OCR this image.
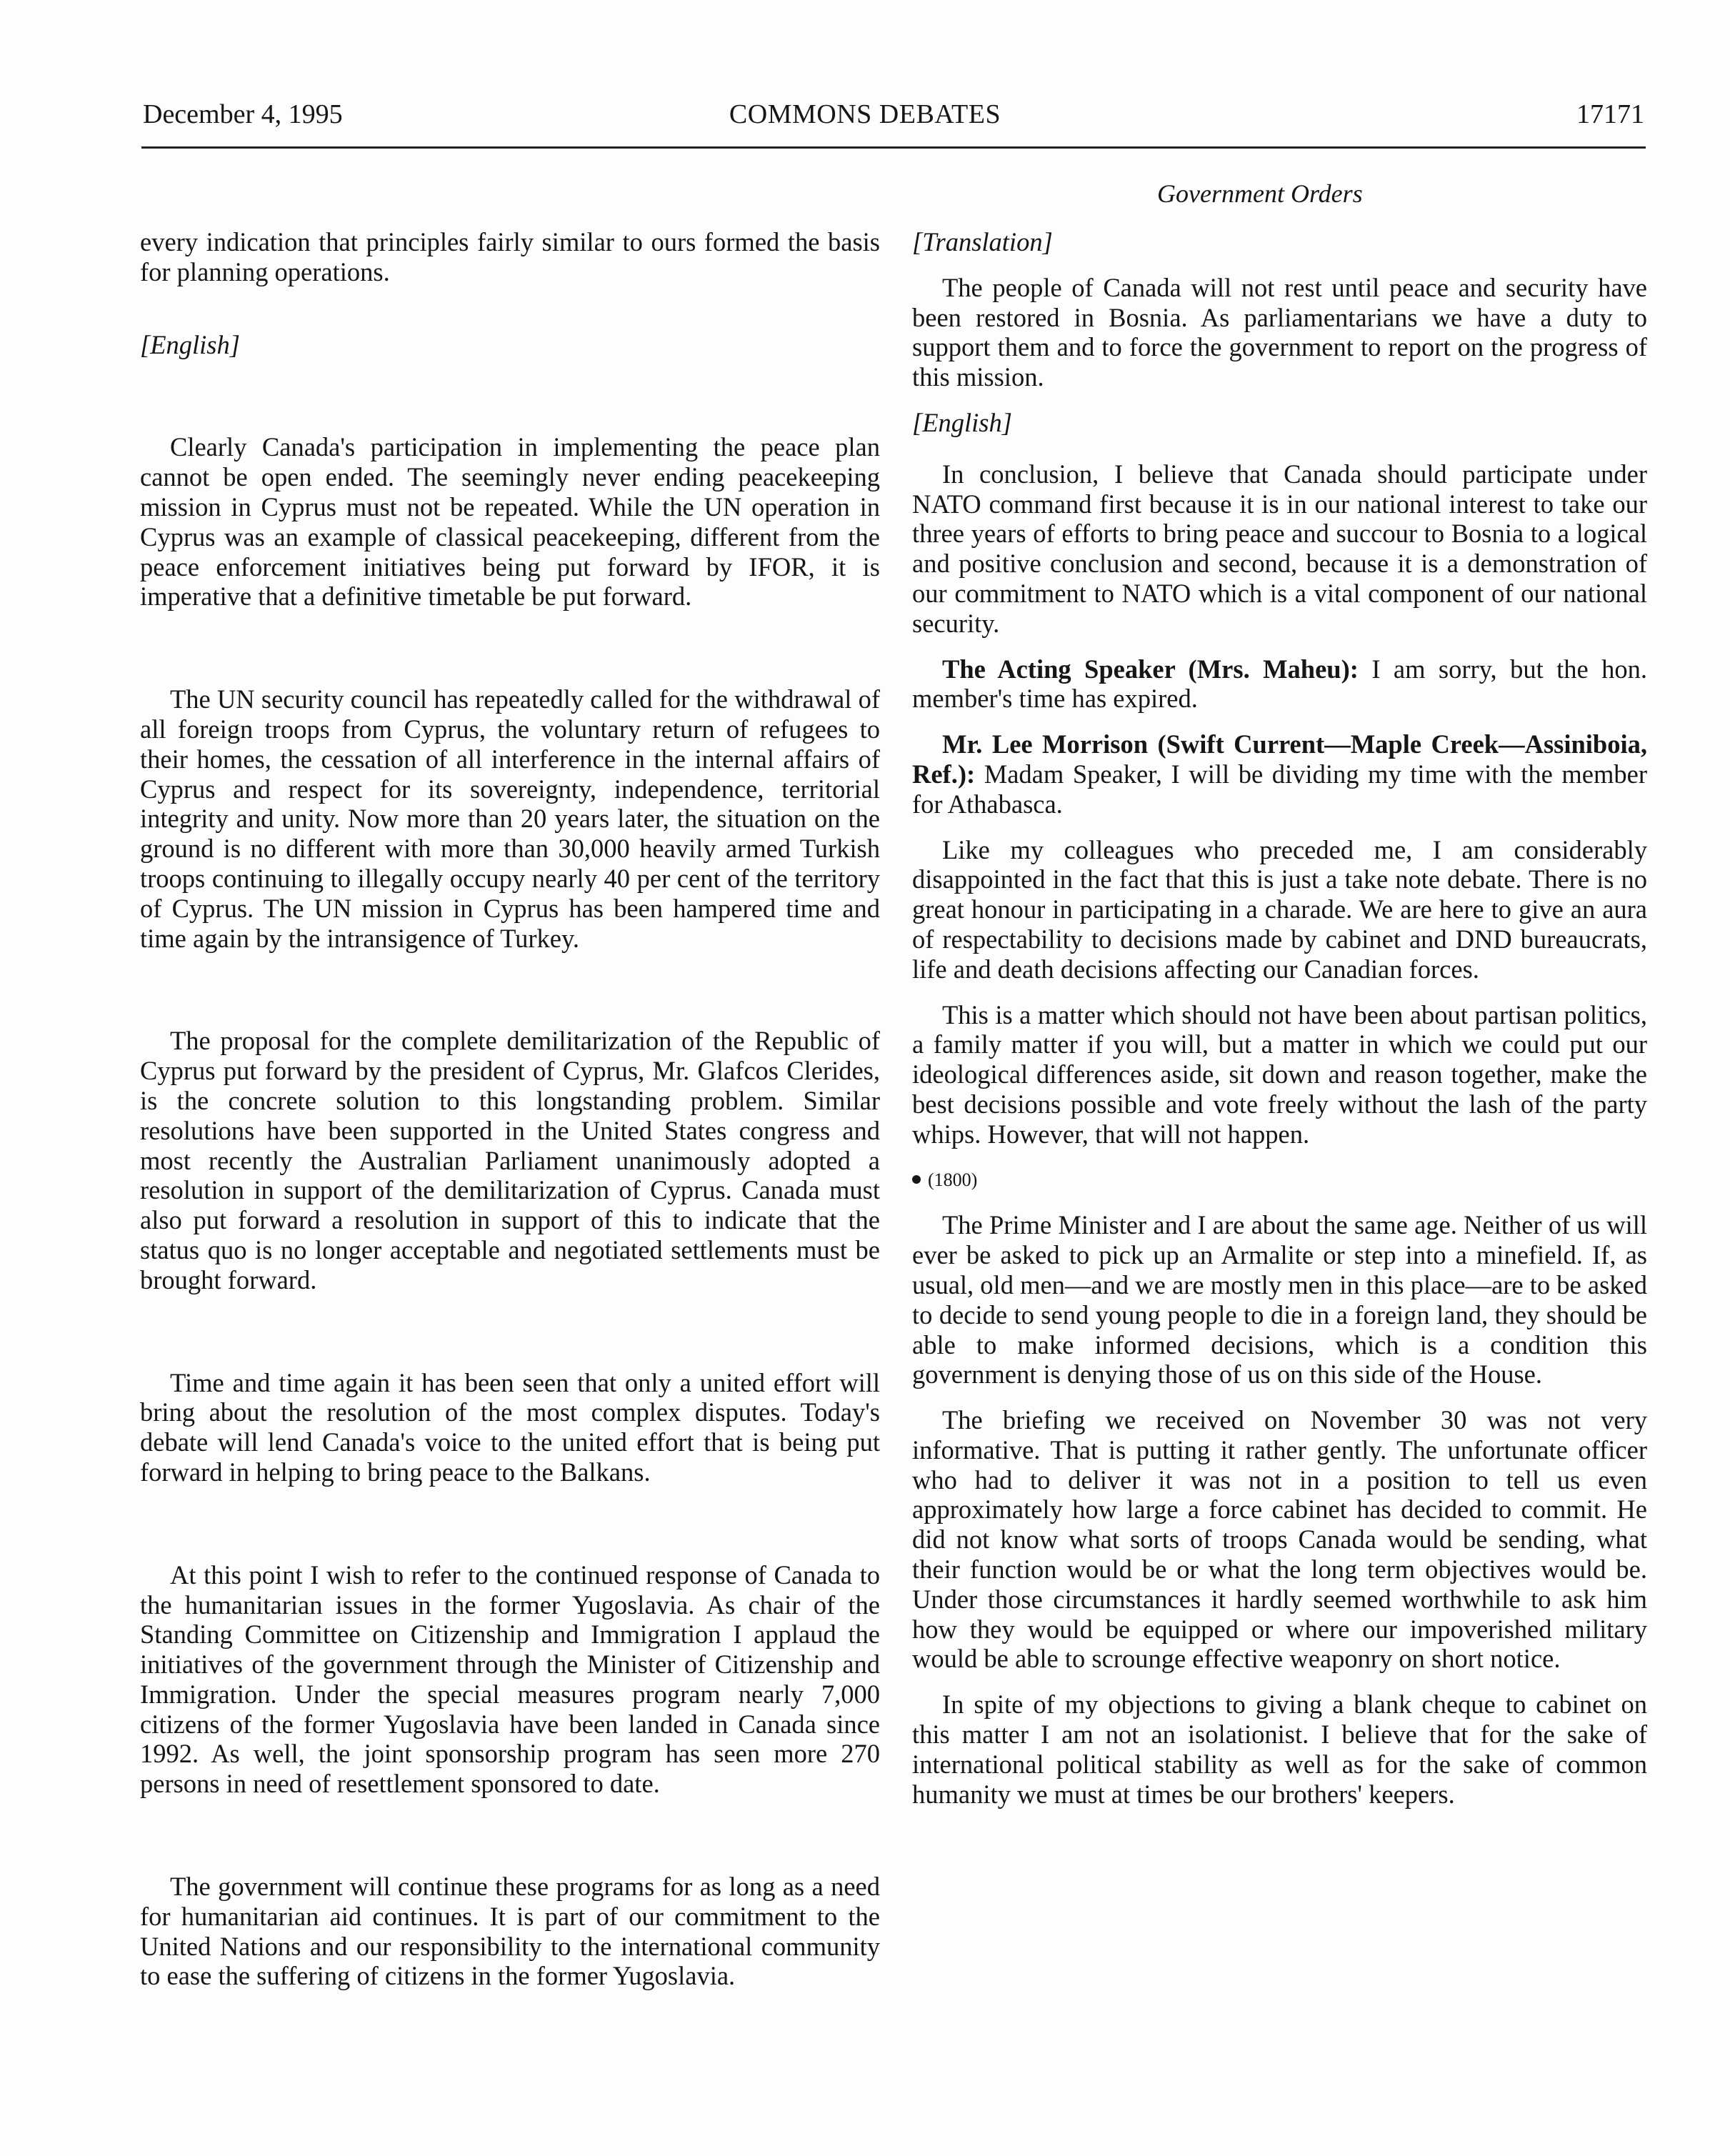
December 4, 1995	COMMONS DEBATES	17171
Government Orders

every indication that principles fairly similar to ours formed the basis for planning operations.

[English]

Clearly Canada's participation in implementing the peace plan cannot be open ended. The seemingly never ending peacekeeping mission in Cyprus must not be repeated. While the UN operation in Cyprus was an example of classical peacekeeping, different from the peace enforcement initiatives being put forward by IFOR, it is imperative that a definitive timetable be put forward.

The UN security council has repeatedly called for the withdrawal of all foreign troops from Cyprus, the voluntary return of refugees to their homes, the cessation of all interference in the internal affairs of Cyprus and respect for its sovereignty, independence, territorial integrity and unity. Now more than 20 years later, the situation on the ground is no different with more than 30,000 heavily armed Turkish troops continuing to illegally occupy nearly 40 per cent of the territory of Cyprus. The UN mission in Cyprus has been hampered time and time again by the intransigence of Turkey.

The proposal for the complete demilitarization of the Republic of Cyprus put forward by the president of Cyprus, Mr. Glafcos Clerides, is the concrete solution to this longstanding problem. Similar resolutions have been supported in the United States congress and most recently the Australian Parliament unanimously adopted a resolution in support of the demilitarization of Cyprus. Canada must also put forward a resolution in support of this to indicate that the status quo is no longer acceptable and negotiated settlements must be brought forward.

Time and time again it has been seen that only a united effort will bring about the resolution of the most complex disputes. Today's debate will lend Canada's voice to the united effort that is being put forward in helping to bring peace to the Balkans.

At this point I wish to refer to the continued response of Canada to the humanitarian issues in the former Yugoslavia. As chair of the Standing Committee on Citizenship and Immigration I applaud the initiatives of the government through the Minister of Citizenship and Immigration. Under the special measures program nearly 7,000 citizens of the former Yugoslavia have been landed in Canada since 1992. As well, the joint sponsorship program has seen more 270 persons in need of resettlement sponsored to date.

The government will continue these programs for as long as a need for humanitarian aid continues. It is part of our commitment to the United Nations and our responsibility to the international community to ease the suffering of citizens in the former Yugoslavia.

[Translation]

The people of Canada will not rest until peace and security have been restored in Bosnia. As parliamentarians we have a duty to support them and to force the government to report on the progress of this mission.

[English]

In conclusion, I believe that Canada should participate under NATO command first because it is in our national interest to take our three years of efforts to bring peace and succour to Bosnia to a logical and positive conclusion and second, because it is a demonstration of our commitment to NATO which is a vital component of our national security.

The Acting Speaker (Mrs. Maheu): I am sorry, but the hon. member's time has expired.

Mr. Lee Morrison (Swift Current—Maple Creek—Assiniboia, Ref.): Madam Speaker, I will be dividing my time with the member for Athabasca.

Like my colleagues who preceded me, I am considerably disappointed in the fact that this is just a take note debate. There is no great honour in participating in a charade. We are here to give an aura of respectability to decisions made by cabinet and DND bureaucrats, life and death decisions affecting our Canadian forces.

This is a matter which should not have been about partisan politics, a family matter if you will, but a matter in which we could put our ideological differences aside, sit down and reason together, make the best decisions possible and vote freely without the lash of the party whips. However, that will not happen.

(1800)

The Prime Minister and I are about the same age. Neither of us will ever be asked to pick up an Armalite or step into a minefield. If, as usual, old men—and we are mostly men in this place—are to be asked to decide to send young people to die in a foreign land, they should be able to make informed decisions, which is a condition this government is denying those of us on this side of the House.

The briefing we received on November 30 was not very informative. That is putting it rather gently. The unfortunate officer who had to deliver it was not in a position to tell us even approximately how large a force cabinet has decided to commit. He did not know what sorts of troops Canada would be sending, what their function would be or what the long term objectives would be. Under those circumstances it hardly seemed worthwhile to ask him how they would be equipped or where our impoverished military would be able to scrounge effective weaponry on short notice.

In spite of my objections to giving a blank cheque to cabinet on this matter I am not an isolationist. I believe that for the sake of international political stability as well as for the sake of common humanity we must at times be our brothers' keepers.
